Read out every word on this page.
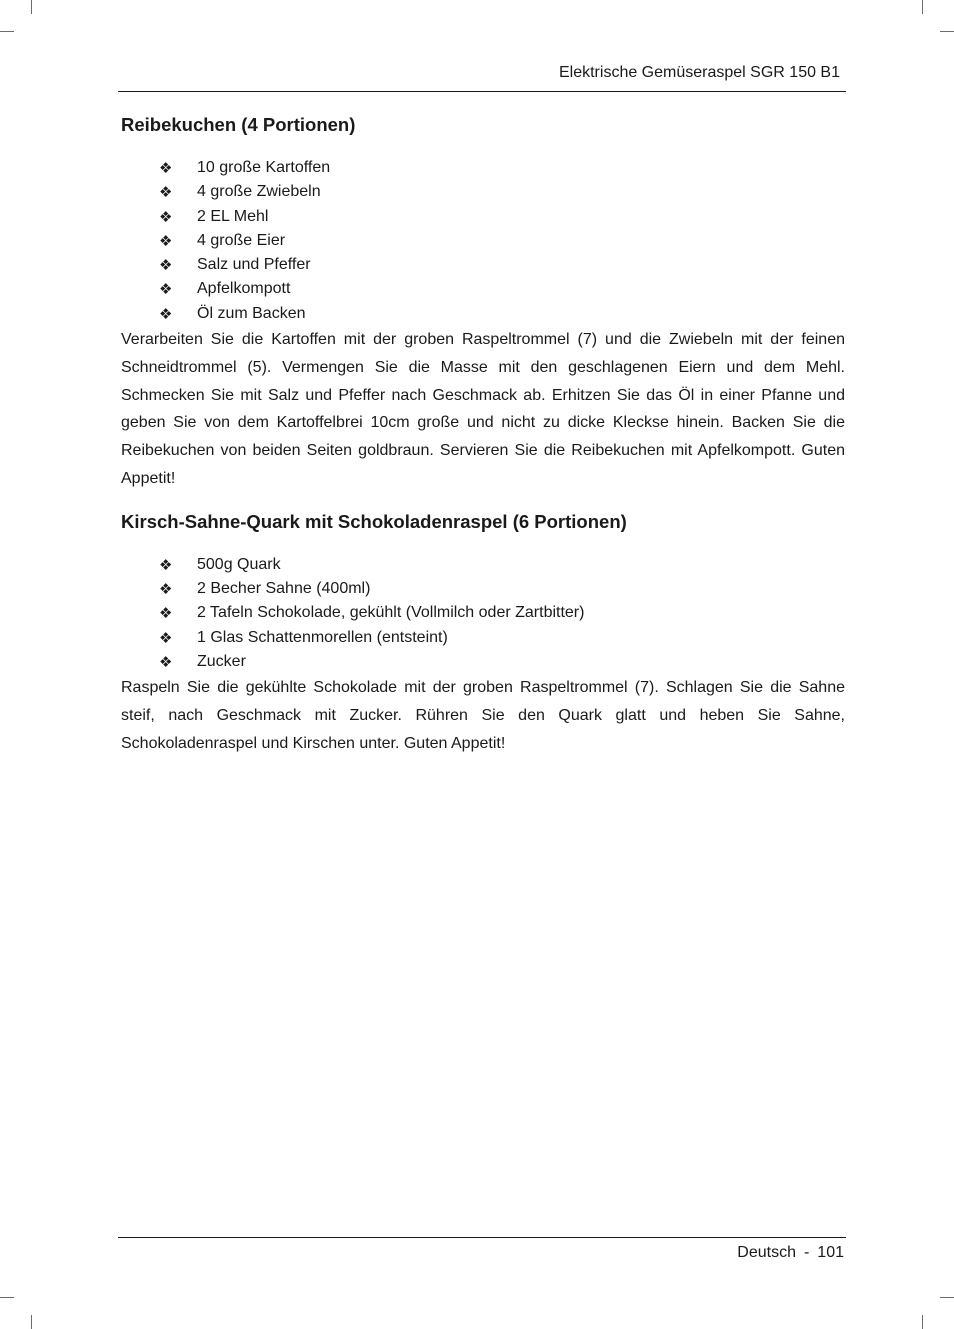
Elektrische Gemüseraspel SGR 150 B1
Reibekuchen (4 Portionen)
❖ 10 große Kartoffen
❖ 4 große Zwiebeln
❖ 2 EL Mehl
❖ 4 große Eier
❖ Salz und Pfeffer
❖ Apfelkompott
❖ Öl zum Backen

Verarbeiten Sie die Kartoffen mit der groben Raspeltrommel (7) und die Zwiebeln mit der feinen Schneidtrommel (5). Vermengen Sie die Masse mit den geschlagenen Eiern und dem Mehl. Schmecken Sie mit Salz und Pfeffer nach Geschmack ab. Erhitzen Sie das Öl in einer Pfanne und geben Sie von dem Kartoffelbrei 10cm große und nicht zu dicke Kleckse hinein. Backen Sie die Reibekuchen von beiden Seiten goldbraun. Servieren Sie die Reibekuchen mit Apfelkompott. Guten Appetit!

Kirsch-Sahne-Quark mit Schokoladenraspel (6 Portionen)
❖ 500g Quark
❖ 2 Becher Sahne (400ml)
❖ 2 Tafeln Schokolade, gekühlt (Vollmilch oder Zartbitter)
❖ 1 Glas Schattenmorellen (entsteint)
❖ Zucker

Raspeln Sie die gekühlte Schokolade mit der groben Raspeltrommel (7). Schlagen Sie die Sahne steif, nach Geschmack mit Zucker. Rühren Sie den Quark glatt und heben Sie Sahne, Schokoladenraspel und Kirschen unter. Guten Appetit!

Deutsch - 101
